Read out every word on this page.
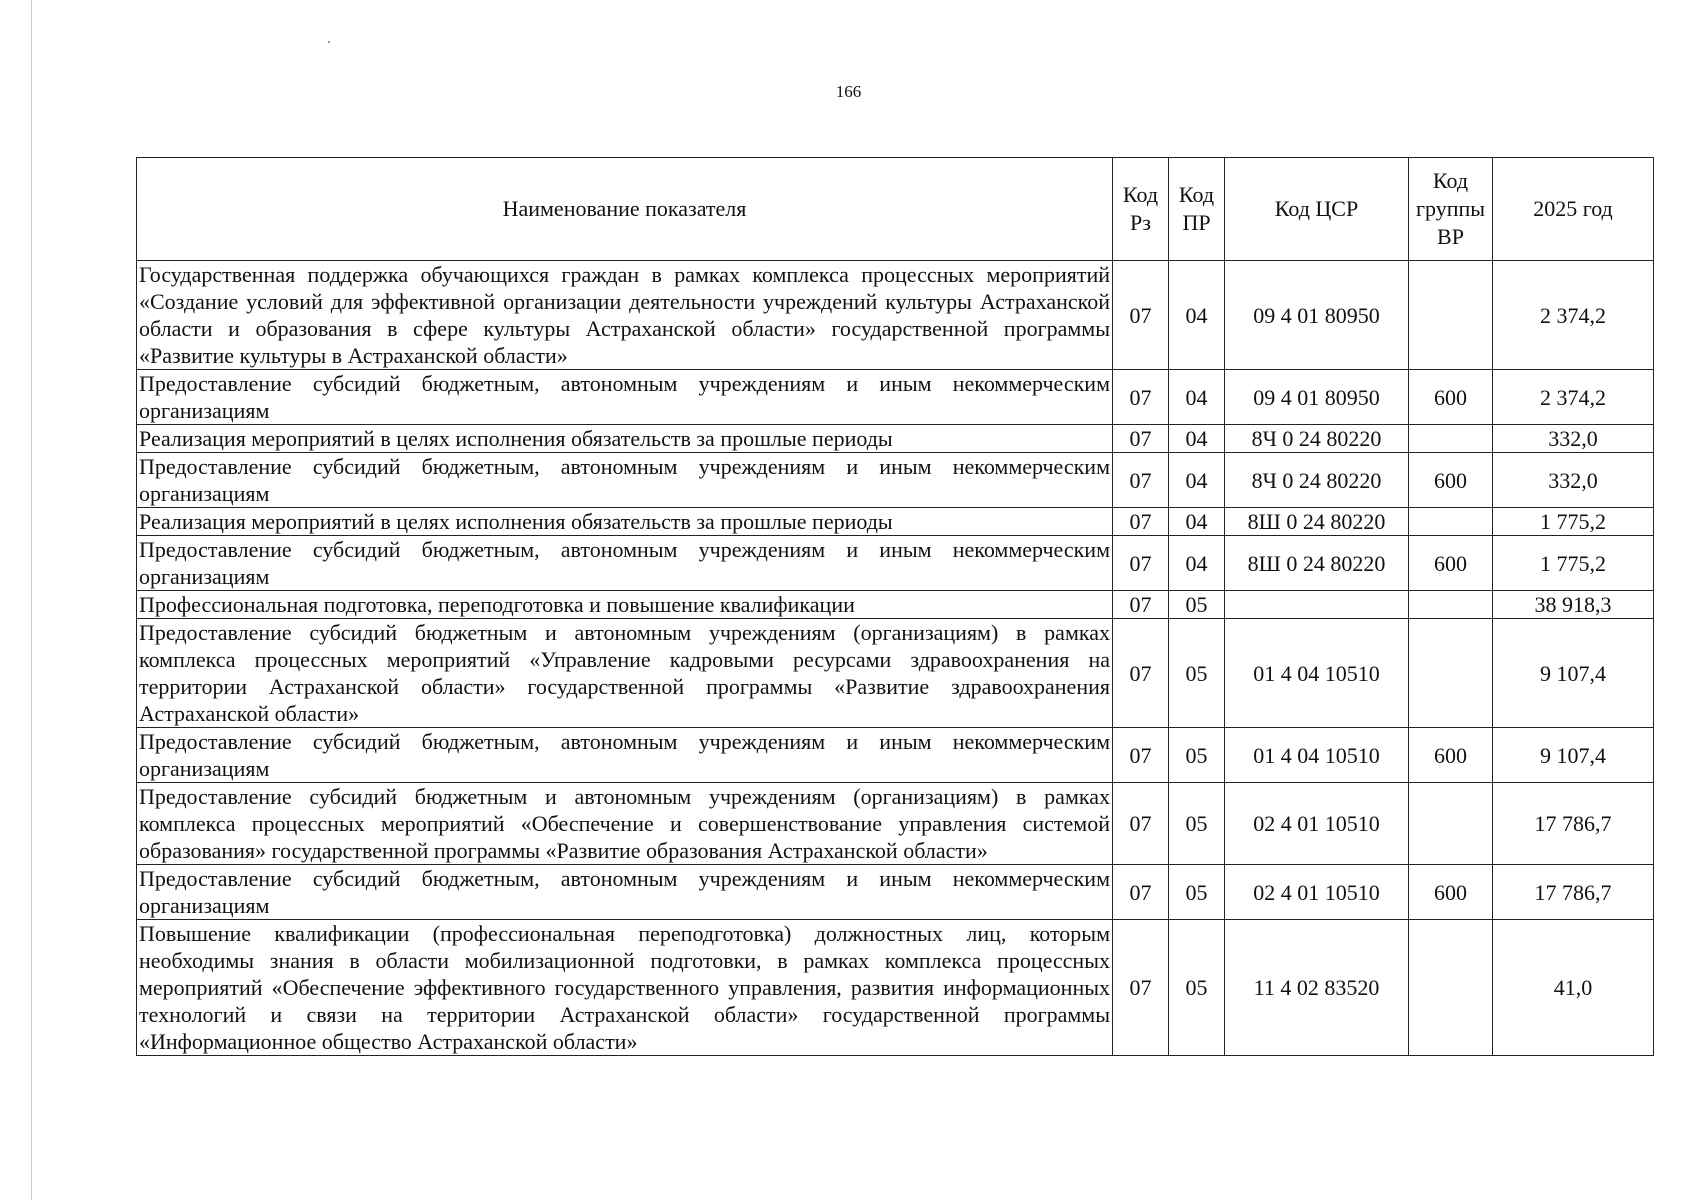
166
Наименование показателя	Код Рз	Код ПР	Код ЦСР	Код группы ВР	2025 год
Государственная поддержка обучающихся граждан в рамках комплекса процессных мероприятий «Создание условий для эффективной организации деятельности учреждений культуры Астраханской области и образования в сфере культуры Астраханской области» государственной программы «Развитие культуры в Астраханской области»	07	04	09 4 01 80950		2 374,2
Предоставление субсидий бюджетным, автономным учреждениям и иным некоммерческим организациям	07	04	09 4 01 80950	600	2 374,2
Реализация мероприятий в целях исполнения обязательств за прошлые периоды	07	04	8Ч 0 24 80220		332,0
Предоставление субсидий бюджетным, автономным учреждениям и иным некоммерческим организациям	07	04	8Ч 0 24 80220	600	332,0
Реализация мероприятий в целях исполнения обязательств за прошлые периоды	07	04	8Ш 0 24 80220		1 775,2
Предоставление субсидий бюджетным, автономным учреждениям и иным некоммерческим организациям	07	04	8Ш 0 24 80220	600	1 775,2
Профессиональная подготовка, переподготовка и повышение квалификации	07	05			38 918,3
Предоставление субсидий бюджетным и автономным учреждениям (организациям) в рамках комплекса процессных мероприятий «Управление кадровыми ресурсами здравоохранения на территории Астраханской области» государственной программы «Развитие здравоохранения Астраханской области»	07	05	01 4 04 10510		9 107,4
Предоставление субсидий бюджетным, автономным учреждениям и иным некоммерческим организациям	07	05	01 4 04 10510	600	9 107,4
Предоставление субсидий бюджетным и автономным учреждениям (организациям) в рамках комплекса процессных мероприятий «Обеспечение и совершенствование управления системой образования» государственной программы «Развитие образования Астраханской области»	07	05	02 4 01 10510		17 786,7
Предоставление субсидий бюджетным, автономным учреждениям и иным некоммерческим организациям	07	05	02 4 01 10510	600	17 786,7
Повышение квалификации (профессиональная переподготовка) должностных лиц, которым необходимы знания в области мобилизационной подготовки, в рамках комплекса процессных мероприятий «Обеспечение эффективного государственного управления, развития информационных технологий и связи на территории Астраханской области» государственной программы «Информационное общество Астраханской области»	07	05	11 4 02 83520		41,0
